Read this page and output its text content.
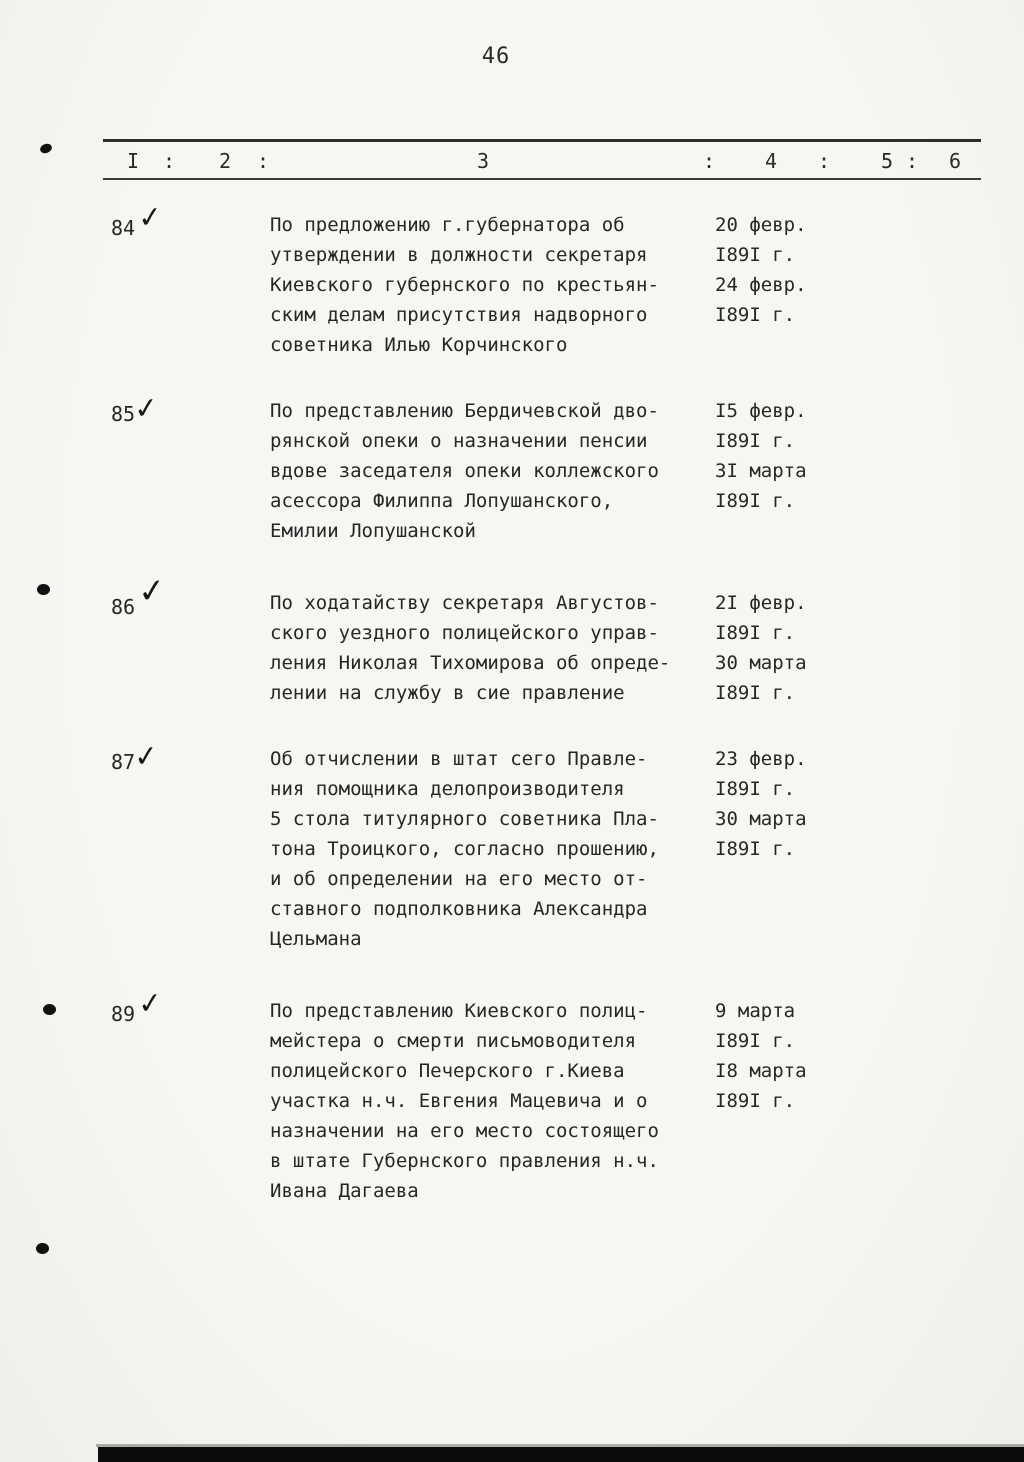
46
I : 2 :	3	: 4 :	5 : 6
84✓	По предложению г.губернатора об	20 февр.
утверждении в должности секретаря	I89I г.
Киевского губернского по крестьян-	24 февр.
ским делам присутствия надворного	I89I г.
советника Илью Корчинского
85✓	По представлению Бердичевской дво-	I5 февр.
рянской опеки о назначении пенсии	I89I г.
вдове заседателя опеки коллежского	3I марта
асессора Филиппа Лопушанского,	I89I г.
Емилии Лопушанской
86✓	По ходатайству секретаря Августов-	2I февр.
ского уездного полицейского управ-	I89I г.
ления Николая Тихомирова об опреде-	30 марта
лении на службу в сие правление	I89I г.
87✓	Об отчислении в штат сего Правле-	23 февр.
ния помощника делопроизводителя	I89I г.
5 стола титулярного советника Пла-	30 марта
тона Троицкого, согласно прошению,	I89I г.
и об определении на его место от-
ставного подполковника Александра
Цельмана
89✓	По представлению Киевского полиц-	9 марта
мейстера о смерти письмоводителя	I89I г.
полицейского Печерского г.Киева	I8 марта
участка н.ч. Евгения Мацевича и о	I89I г.
назначении на его место состоящего
в штате Губернского правления н.ч.
Ивана Дагаева
